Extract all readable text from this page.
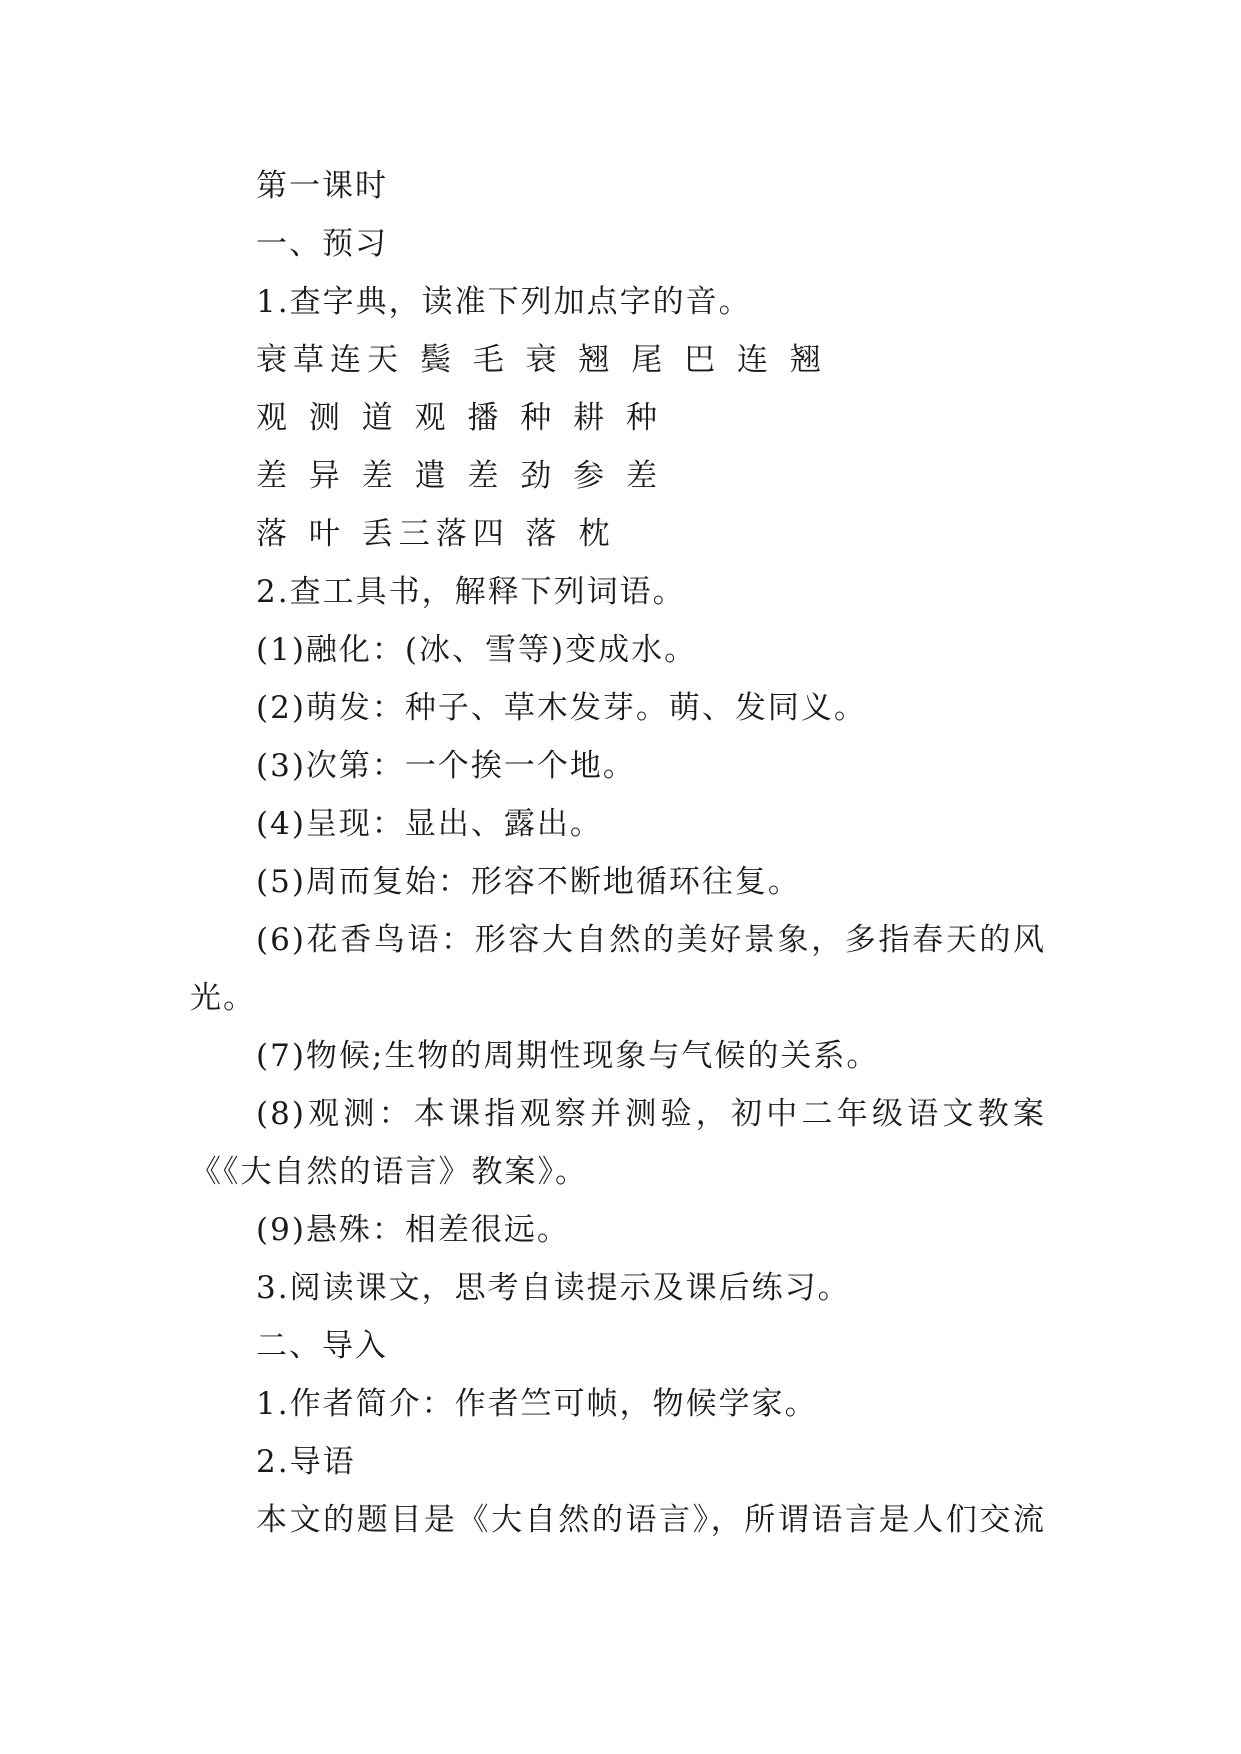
第一课时
一、预习
1.查字典，读准下列加点字的音。
衰草连天 鬓 毛 衰 翘 尾 巴 连 翘
观 测 道 观 播 种 耕 种
差 异 差 遣 差 劲 参 差
落 叶 丢三落四 落 枕
2.查工具书，解释下列词语。
(1)融化：(冰、雪等)变成水。
(2)萌发：种子、草木发芽。萌、发同义。
(3)次第：一个挨一个地。
(4)呈现：显出、露出。
(5)周而复始：形容不断地循环往复。
(6)花香鸟语：形容大自然的美好景象，多指春天的风
光。
(7)物候;生物的周期性现象与气候的关系。
(8)观测：本课指观察并测验，初中二年级语文教案
《《大自然的语言》教案》。
(9)悬殊：相差很远。
3.阅读课文，思考自读提示及课后练习。
二、导入
1.作者简介：作者竺可帧，物候学家。
2.导语
本文的题目是《大自然的语言》，所谓语言是人们交流
